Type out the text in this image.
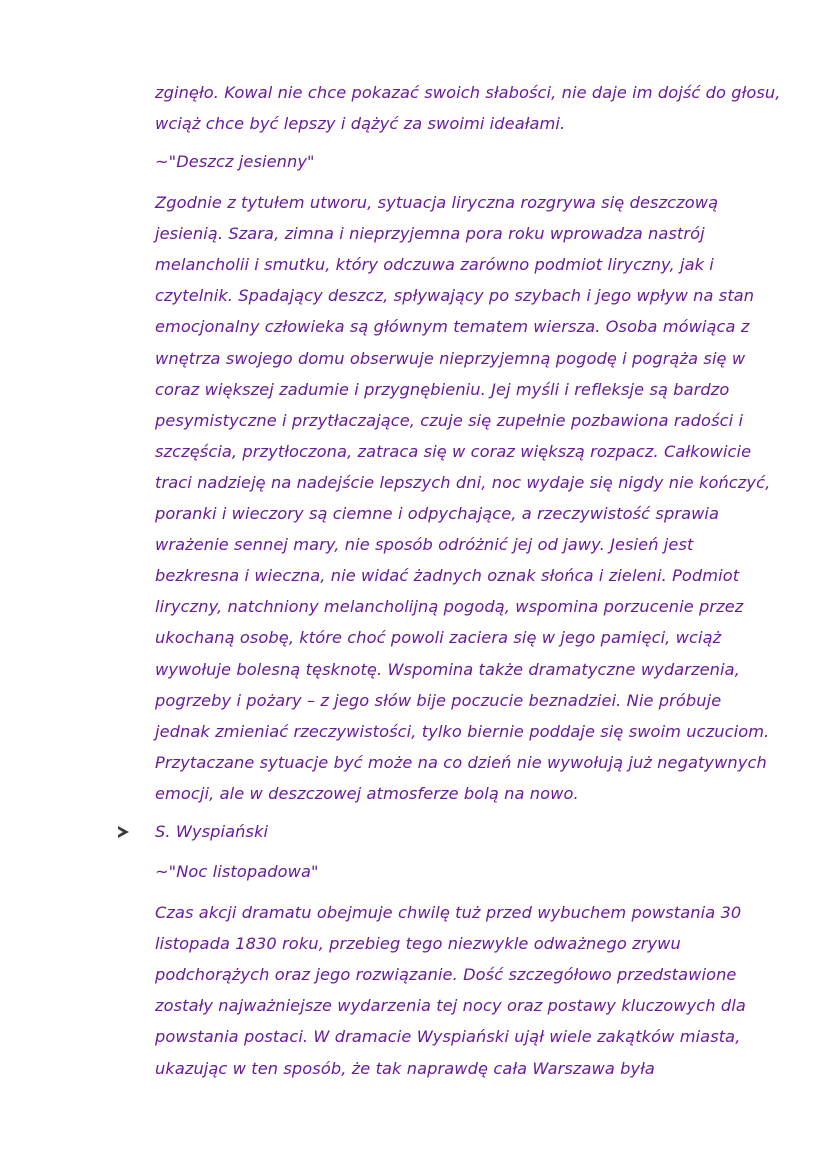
zginęło. Kowal nie chce pokazać swoich słabości, nie daje im dojść do głosu,
wciąż chce być lepszy i dążyć za swoimi ideałami.
~"Deszcz jesienny"
Zgodnie z tytułem utworu, sytuacja liryczna rozgrywa się deszczową
jesienią. Szara, zimna i nieprzyjemna pora roku wprowadza nastrój
melancholii i smutku, który odczuwa zarówno podmiot liryczny, jak i
czytelnik. Spadający deszcz, spływający po szybach i jego wpływ na stan
emocjonalny człowieka są głównym tematem wiersza. Osoba mówiąca z
wnętrza swojego domu obserwuje nieprzyjemną pogodę i pogrąża się w
coraz większej zadumie i przygnębieniu. Jej myśli i refleksje są bardzo
pesymistyczne i przytłaczające, czuje się zupełnie pozbawiona radości i
szczęścia, przytłoczona, zatraca się w coraz większą rozpacz. Całkowicie
traci nadzieję na nadejście lepszych dni, noc wydaje się nigdy nie kończyć,
poranki i wieczory są ciemne i odpychające, a rzeczywistość sprawia
wrażenie sennej mary, nie sposób odróżnić jej od jawy. Jesień jest
bezkresna i wieczna, nie widać żadnych oznak słońca i zieleni. Podmiot
liryczny, natchniony melancholijną pogodą, wspomina porzucenie przez
ukochaną osobę, które choć powoli zaciera się w jego pamięci, wciąż
wywołuje bolesną tęsknotę. Wspomina także dramatyczne wydarzenia,
pogrzeby i pożary – z jego słów bije poczucie beznadziei. Nie próbuje
jednak zmieniać rzeczywistości, tylko biernie poddaje się swoim uczuciom.
Przytaczane sytuacje być może na co dzień nie wywołują już negatywnych
emocji, ale w deszczowej atmosferze bolą na nowo.
S. Wyspiański
~"Noc listopadowa"
Czas akcji dramatu obejmuje chwilę tuż przed wybuchem powstania 30
listopada 1830 roku, przebieg tego niezwykle odważnego zrywu
podchorążych oraz jego rozwiązanie. Dość szczegółowo przedstawione
zostały najważniejsze wydarzenia tej nocy oraz postawy kluczowych dla
powstania postaci. W dramacie Wyspiański ujął wiele zakątków miasta,
ukazując w ten sposób, że tak naprawdę cała Warszawa była
